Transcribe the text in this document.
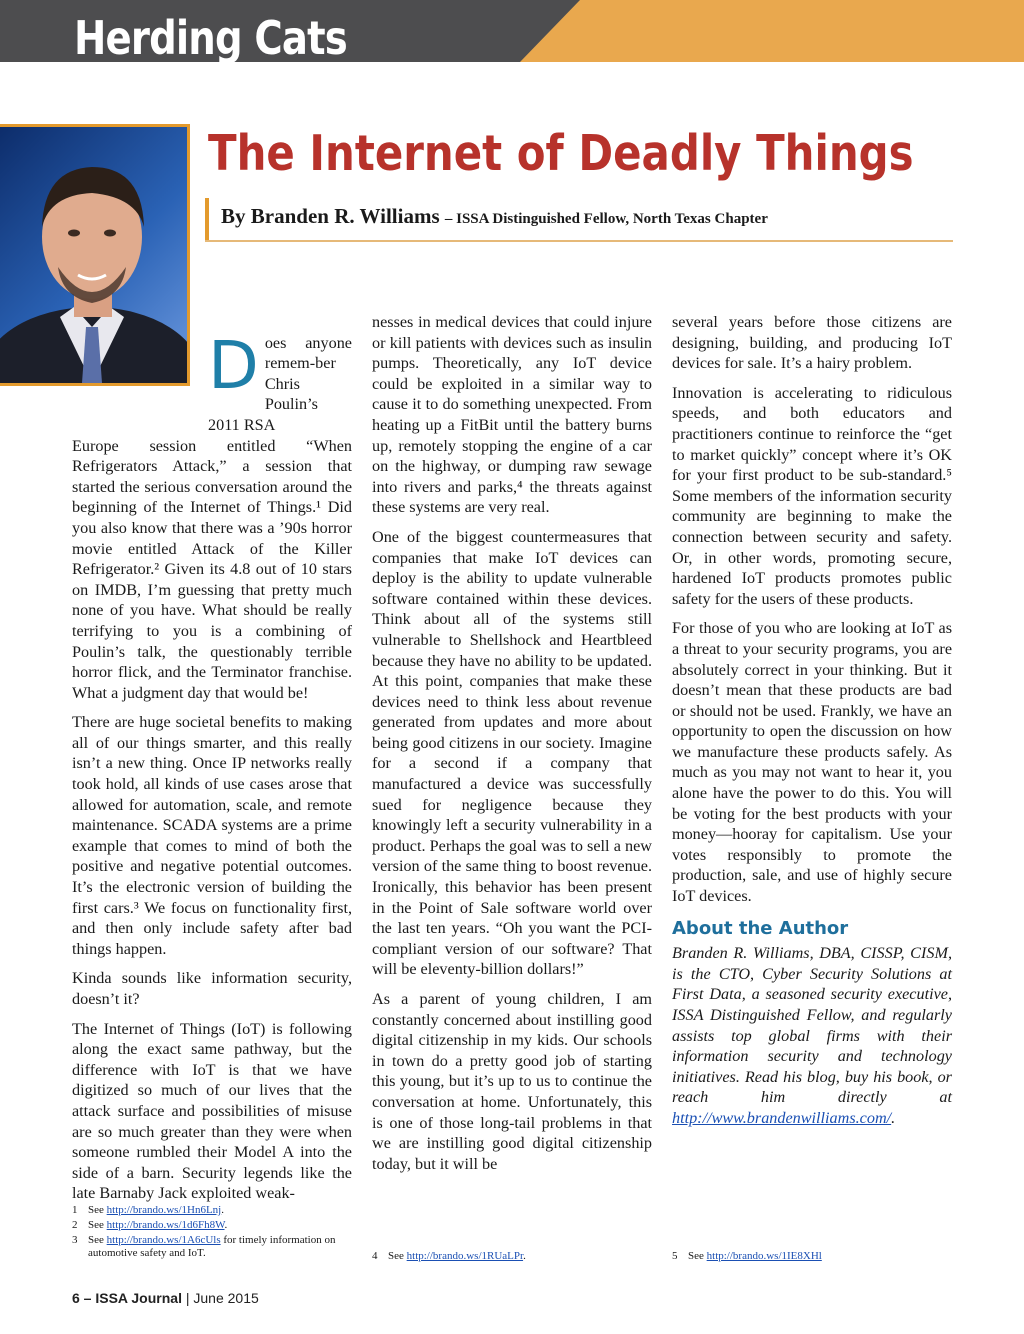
Herding Cats
The Internet of Deadly Things
By Branden R. Williams – ISSA Distinguished Fellow, North Texas Chapter
D oes anyone remem-ber Chris Poulin’s 2011 RSA

Europe session entitled “When Refrigerators Attack,” a session that started the serious conversation around the beginning of the Internet of Things.¹ Did you also know that there was a ’90s horror movie entitled Attack of the Killer Refrigerator.² Given its 4.8 out of 10 stars on IMDB, I’m guessing that pretty much none of you have. What should be really terrifying to you is a combining of Poulin’s talk, the questionably terrible horror flick, and the Terminator franchise. What a judgment day that would be!

There are huge societal benefits to making all of our things smarter, and this really isn’t a new thing. Once IP networks really took hold, all kinds of use cases arose that allowed for automation, scale, and remote maintenance. SCADA systems are a prime example that comes to mind of both the positive and negative potential outcomes. It’s the electronic version of building the first cars.³ We focus on functionality first, and then only include safety after bad things happen.

Kinda sounds like information security, doesn’t it?

The Internet of Things (IoT) is following along the exact same pathway, but the difference with IoT is that we have digitized so much of our lives that the attack surface and possibilities of misuse are so much greater than they were when someone rumbled their Model A into the side of a barn. Security legends like the late Barnaby Jack exploited weak-

nesses in medical devices that could injure or kill patients with devices such as insulin pumps. Theoretically, any IoT device could be exploited in a similar way to cause it to do something unexpected. From heating up a FitBit until the battery burns up, remotely stopping the engine of a car on the highway, or dumping raw sewage into rivers and parks,⁴ the threats against these systems are very real.

One of the biggest countermeasures that companies that make IoT devices can deploy is the ability to update vulnerable software contained within these devices. Think about all of the systems still vulnerable to Shellshock and Heartbleed because they have no ability to be updated. At this point, companies that make these devices need to think less about revenue generated from updates and more about being good citizens in our society. Imagine for a second if a company that manufactured a device was successfully sued for negligence because they knowingly left a security vulnerability in a product. Perhaps the goal was to sell a new version of the same thing to boost revenue. Ironically, this behavior has been present in the Point of Sale software world over the last ten years. “Oh you want the PCI-compliant version of our software? That will be eleventy-billion dollars!”

As a parent of young children, I am constantly concerned about instilling good digital citizenship in my kids. Our schools in town do a pretty good job of starting this young, but it’s up to us to continue the conversation at home. Unfortunately, this is one of those long-tail problems in that we are instilling good digital citizenship today, but it will be

several years before those citizens are designing, building, and producing IoT devices for sale. It’s a hairy problem.

Innovation is accelerating to ridiculous speeds, and both educators and practitioners continue to reinforce the “get to market quickly” concept where it’s OK for your first product to be sub-standard.⁵ Some members of the information security community are beginning to make the connection between security and safety. Or, in other words, promoting secure, hardened IoT products promotes public safety for the users of these products.

For those of you who are looking at IoT as a threat to your security programs, you are absolutely correct in your thinking. But it doesn’t mean that these products are bad or should not be used. Frankly, we have an opportunity to open the discussion on how we manufacture these products safely. As much as you may not want to hear it, you alone have the power to do this. You will be voting for the best products with your money—hooray for capitalism. Use your votes responsibly to promote the production, sale, and use of highly secure IoT devices.

About the Author

Branden R. Williams, DBA, CISSP, CISM, is the CTO, Cyber Security Solutions at First Data, a seasoned security executive, ISSA Distinguished Fellow, and regularly assists top global firms with their information security and technology initiatives. Read his blog, buy his book, or reach him directly at http://www.brandenwilliams.com/.

1 See http://brando.ws/1Hn6Lnj.
2 See http://brando.ws/1d6Fh8W.
3 See http://brando.ws/1A6cUls for timely information on automotive safety and IoT.	4 See http://brando.ws/1RUaLPr.	5 See http://brando.ws/1IE8XHl
6 – ISSA Journal | June 2015
